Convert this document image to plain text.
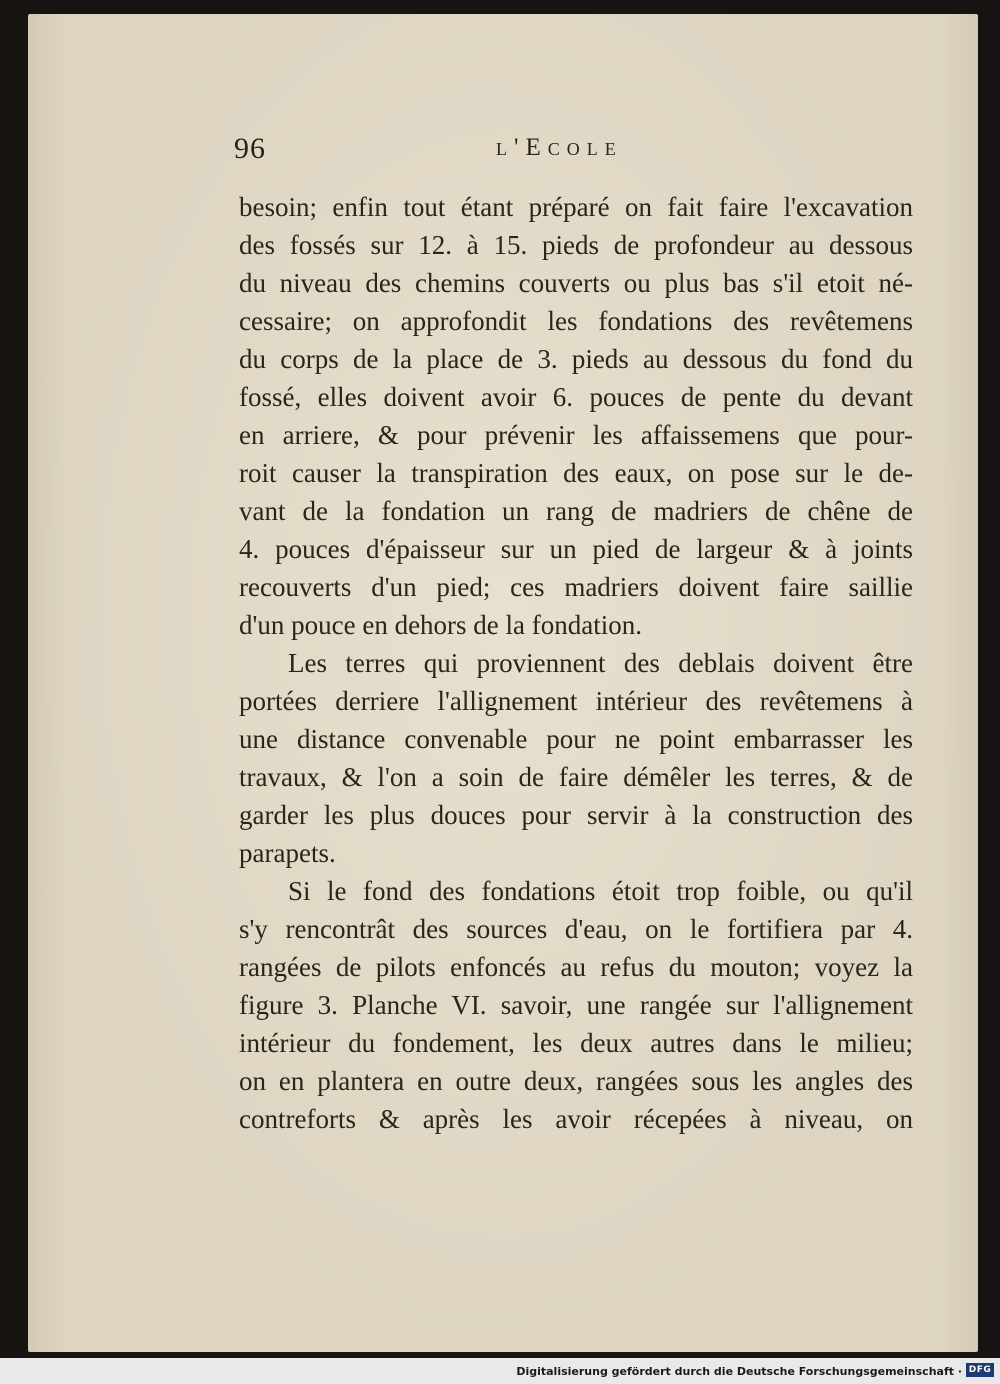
96	l'Ecole
besoin; enfin tout étant préparé on fait faire l'excavation
des fossés sur 12. à 15. pieds de profondeur au dessous
du niveau des chemins couverts ou plus bas s'il etoit né-
cessaire; on approfondit les fondations des revêtemens
du corps de la place de 3. pieds au dessous du fond du
fossé, elles doivent avoir 6. pouces de pente du devant
en arriere, & pour prévenir les affaissemens que pour-
roit causer la transpiration des eaux, on pose sur le de-
vant de la fondation un rang de madriers de chêne de
4. pouces d'épaisseur sur un pied de largeur & à joints
recouverts d'un pied; ces madriers doivent faire saillie
d'un pouce en dehors de la fondation.
Les terres qui proviennent des deblais doivent être
portées derriere l'allignement intérieur des revêtemens à
une distance convenable pour ne point embarrasser les
travaux, & l'on a soin de faire démêler les terres, & de
garder les plus douces pour servir à la construction des
parapets.
Si le fond des fondations étoit trop foible, ou qu'il
s'y rencontrât des sources d'eau, on le fortifiera par 4.
rangées de pilots enfoncés au refus du mouton; voyez la
figure 3. Planche VI. savoir, une rangée sur l'allignement
intérieur du fondement, les deux autres dans le milieu;
on en plantera en outre deux, rangées sous les angles des
contreforts & après les avoir récepées à niveau, on
Digitalisierung gefördert durch die Deutsche Forschungsgemeinschaft · DFG
